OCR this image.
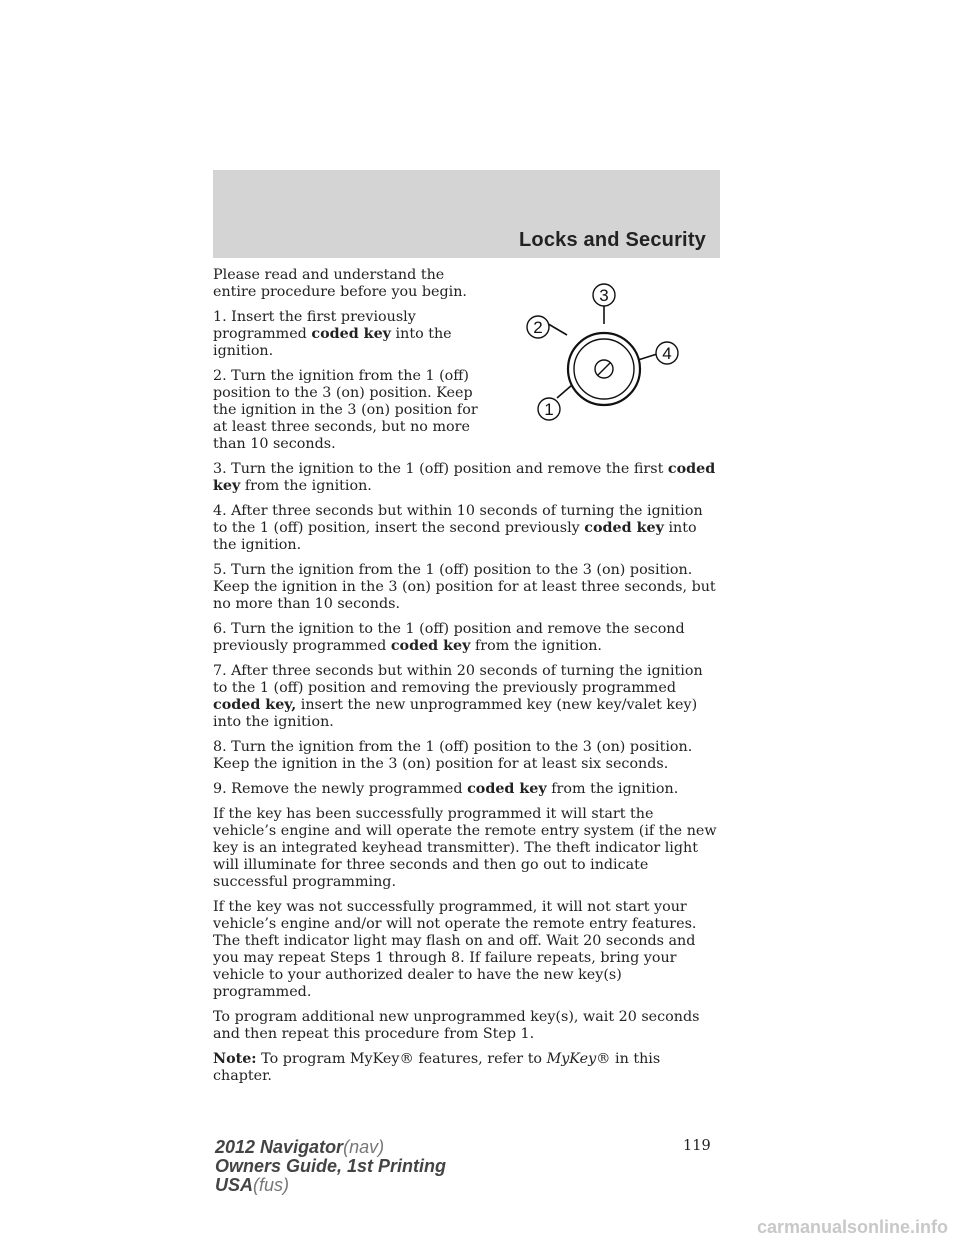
Locks and Security
3
2
4
1

Please read and understand the entire procedure before you begin.

1. Insert the first previously programmed coded key into the ignition.

2. Turn the ignition from the 1 (off) position to the 3 (on) position. Keep the ignition in the 3 (on) position for at least three seconds, but no more than 10 seconds.

3. Turn the ignition to the 1 (off) position and remove the first coded key from the ignition.

4. After three seconds but within 10 seconds of turning the ignition to the 1 (off) position, insert the second previously coded key into the ignition.

5. Turn the ignition from the 1 (off) position to the 3 (on) position. Keep the ignition in the 3 (on) position for at least three seconds, but no more than 10 seconds.

6. Turn the ignition to the 1 (off) position and remove the second previously programmed coded key from the ignition.

7. After three seconds but within 20 seconds of turning the ignition to the 1 (off) position and removing the previously programmed coded key, insert the new unprogrammed key (new key/valet key) into the ignition.

8. Turn the ignition from the 1 (off) position to the 3 (on) position. Keep the ignition in the 3 (on) position for at least six seconds.

9. Remove the newly programmed coded key from the ignition.

If the key has been successfully programmed it will start the vehicle’s engine and will operate the remote entry system (if the new key is an integrated keyhead transmitter). The theft indicator light will illuminate for three seconds and then go out to indicate successful programming.

If the key was not successfully programmed, it will not start your vehicle’s engine and/or will not operate the remote entry features. The theft indicator light may flash on and off. Wait 20 seconds and you may repeat Steps 1 through 8. If failure repeats, bring your vehicle to your authorized dealer to have the new key(s) programmed.

To program additional new unprogrammed key(s), wait 20 seconds and then repeat this procedure from Step 1.

Note: To program MyKey® features, refer to MyKey® in this chapter.

119
2012 Navigator(nav)
Owners Guide, 1st Printing
USA(fus)
carmanualsonline.info
